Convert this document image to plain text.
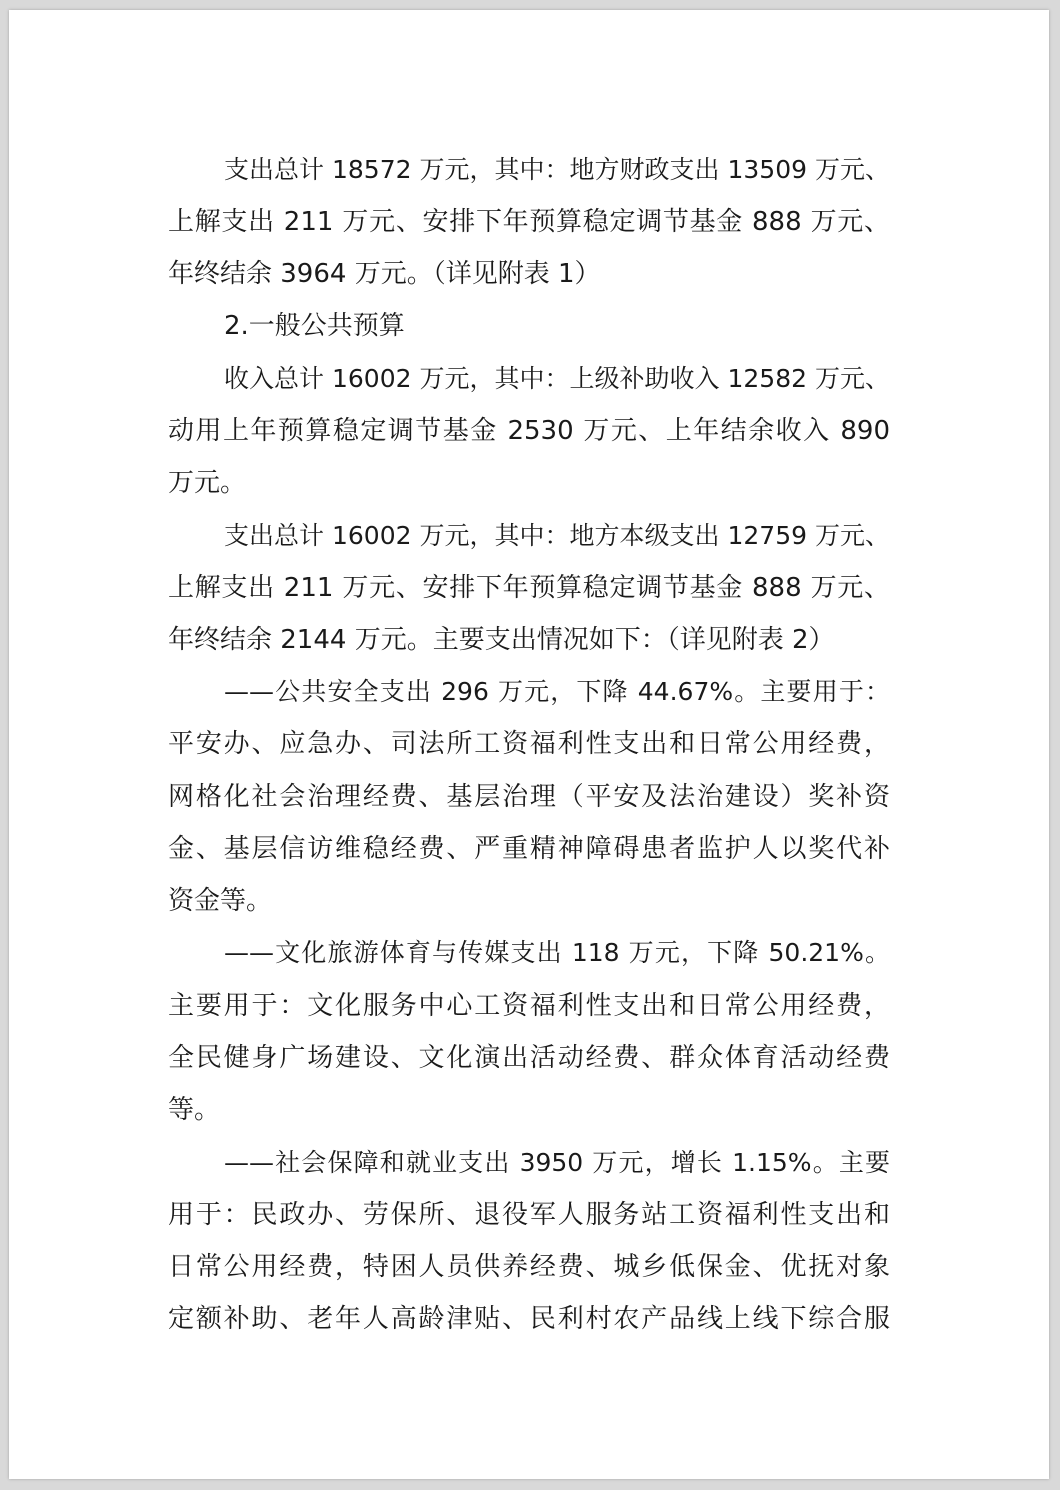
支出总计 18572 万元，其中：地方财政支出 13509 万元、
上解支出 211 万元、安排下年预算稳定调节基金 888 万元、
年终结余 3964 万元。（详见附表 1）
2.一般公共预算
收入总计 16002 万元，其中：上级补助收入 12582 万元、
动用上年预算稳定调节基金 2530 万元、上年结余收入 890
万元。
支出总计 16002 万元，其中：地方本级支出 12759 万元、
上解支出 211 万元、安排下年预算稳定调节基金 888 万元、
年终结余 2144 万元。主要支出情况如下：（详见附表 2）
——公共安全支出 296 万元，下降 44.67%。主要用于：
平安办、应急办、司法所工资福利性支出和日常公用经费，
网格化社会治理经费、基层治理（平安及法治建设）奖补资
金、基层信访维稳经费、严重精神障碍患者监护人以奖代补
资金等。
——文化旅游体育与传媒支出 118 万元，下降 50.21%。
主要用于：文化服务中心工资福利性支出和日常公用经费，
全民健身广场建设、文化演出活动经费、群众体育活动经费
等。
——社会保障和就业支出 3950 万元，增长 1.15%。主要
用于：民政办、劳保所、退役军人服务站工资福利性支出和
日常公用经费，特困人员供养经费、城乡低保金、优抚对象
定额补助、老年人高龄津贴、民利村农产品线上线下综合服
